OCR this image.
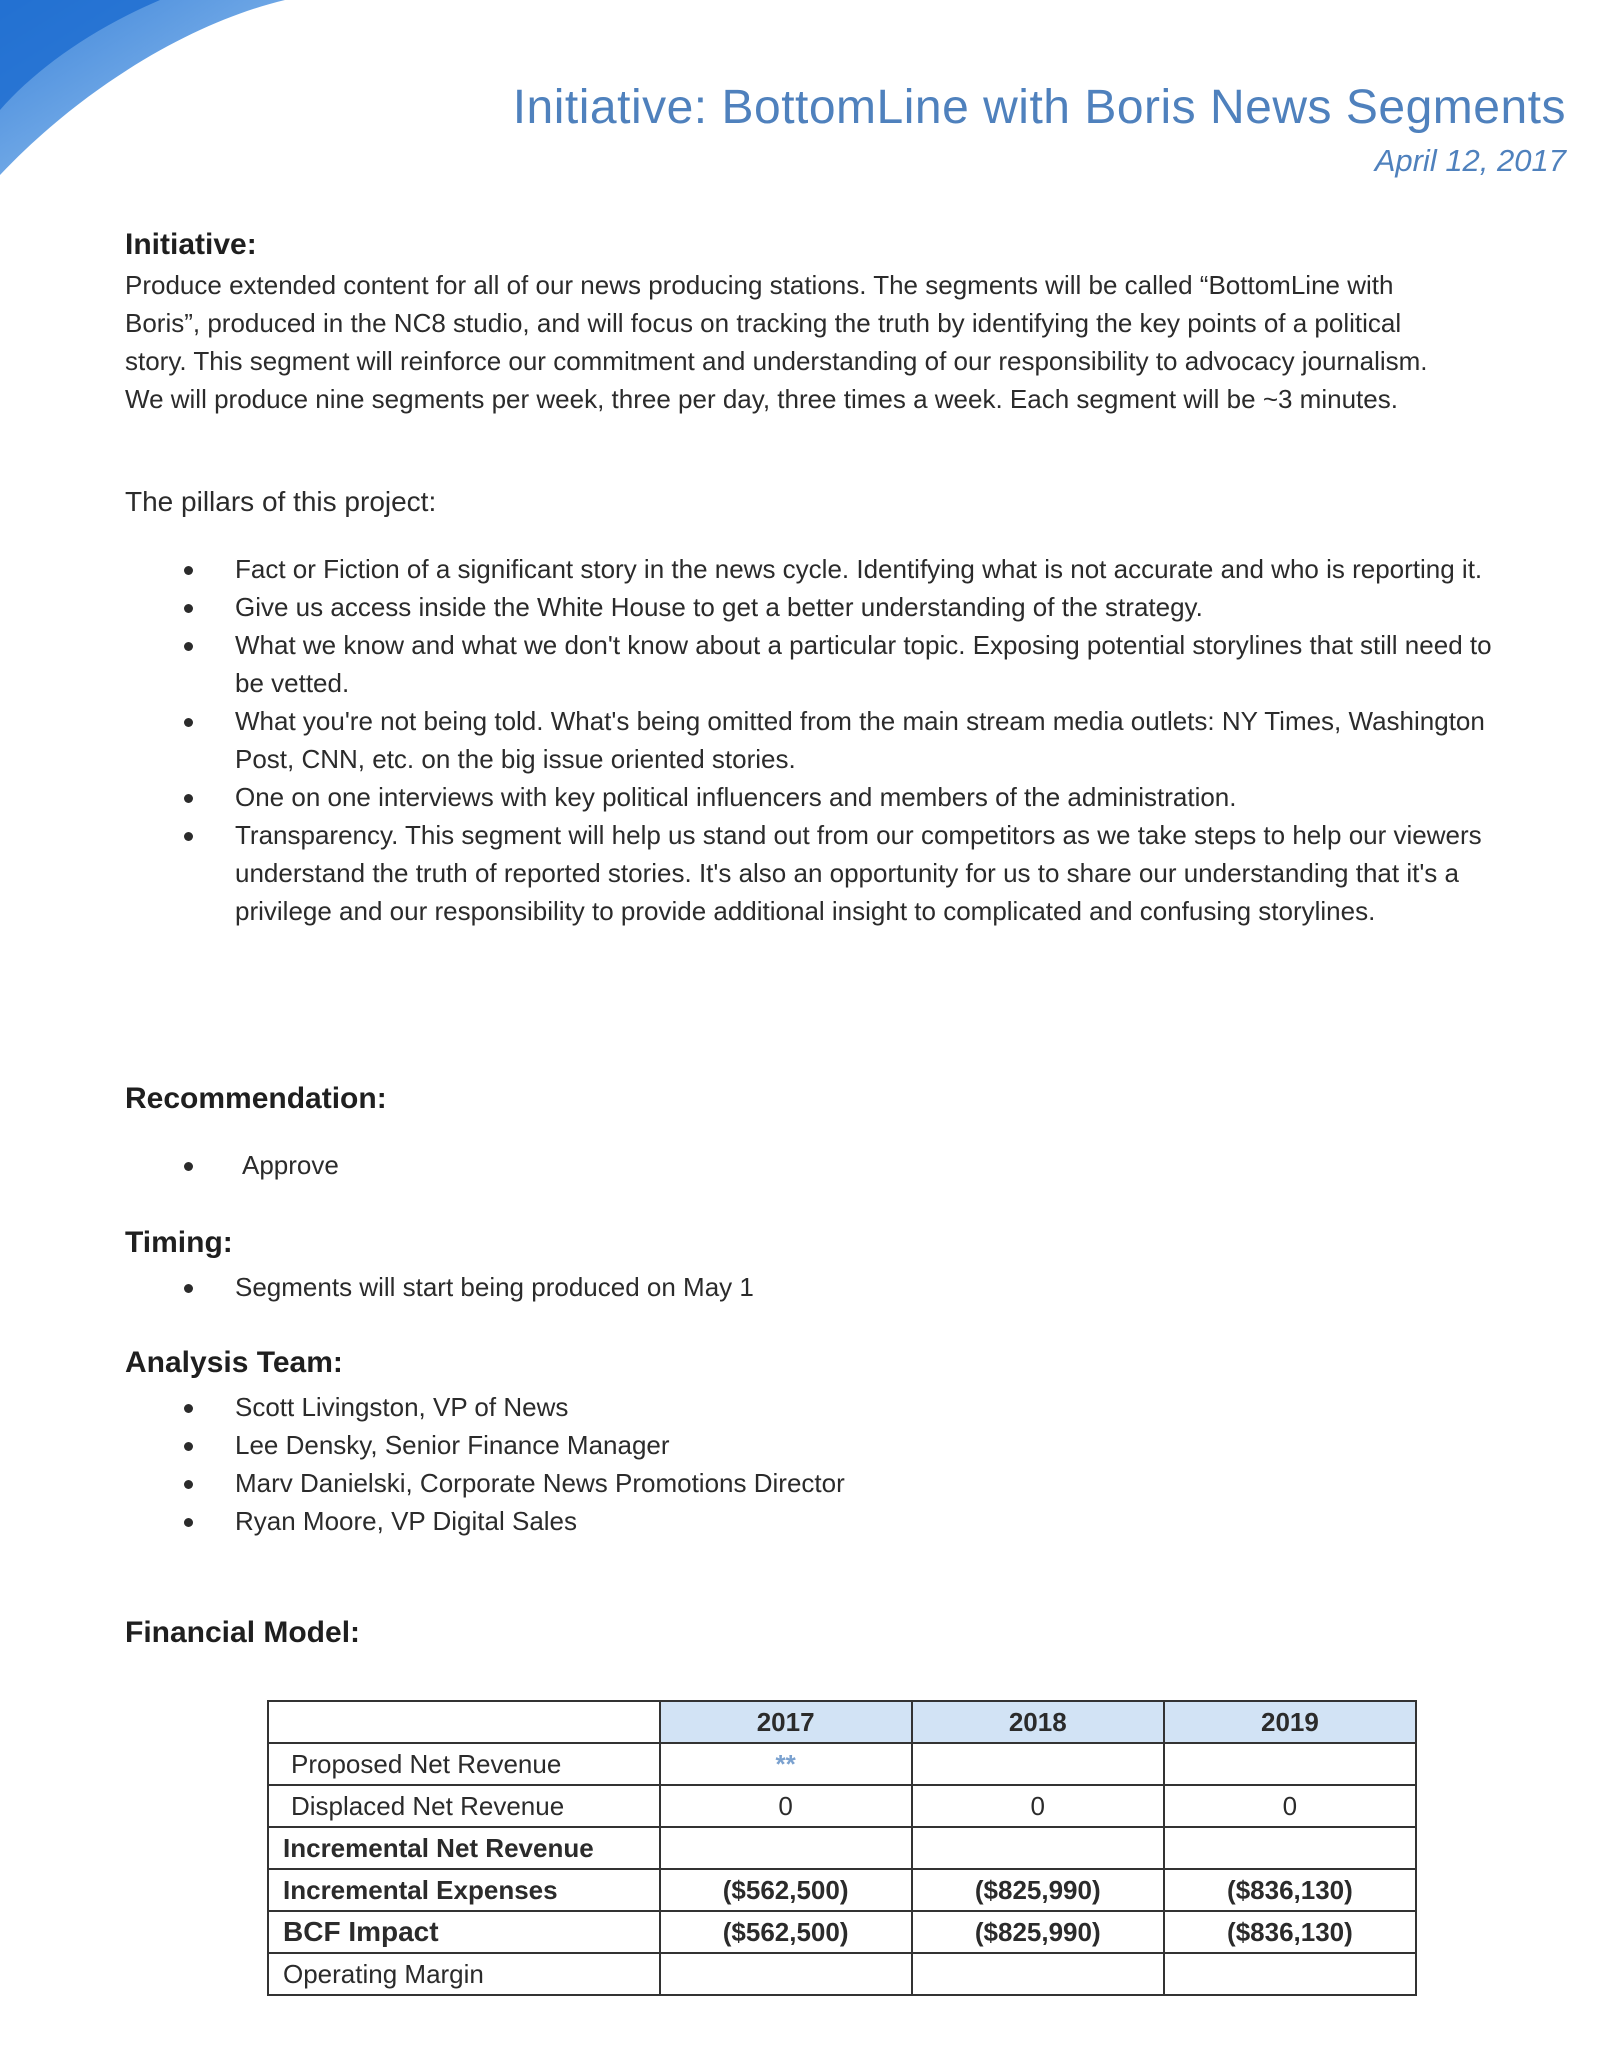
Initiative: BottomLine with Boris News Segments
April 12, 2017
Initiative:
Produce extended content for all of our news producing stations. The segments will be called “BottomLine with
Boris”, produced in the NC8 studio, and will focus on tracking the truth by identifying the key points of a political
story. This segment will reinforce our commitment and understanding of our responsibility to advocacy journalism.
We will produce nine segments per week, three per day, three times a week. Each segment will be ~3 minutes.
The pillars of this project:
Fact or Fiction of a significant story in the news cycle. Identifying what is not accurate and who is reporting it.
Give us access inside the White House to get a better understanding of the strategy.
What we know and what we don't know about a particular topic. Exposing potential storylines that still need to be vetted.
What you're not being told. What's being omitted from the main stream media outlets: NY Times, Washington Post, CNN, etc. on the big issue oriented stories.
One on one interviews with key political influencers and members of the administration.
Transparency. This segment will help us stand out from our competitors as we take steps to help our viewers understand the truth of reported stories. It's also an opportunity for us to share our understanding that it's a privilege and our responsibility to provide additional insight to complicated and confusing storylines.
Recommendation:
Approve
Timing:
Segments will start being produced on May 1
Analysis Team:
Scott Livingston, VP of News
Lee Densky, Senior Finance Manager
Marv Danielski, Corporate News Promotions Director
Ryan Moore, VP Digital Sales
Financial Model:
	2017	2018	2019
Proposed Net Revenue	**		
Displaced Net Revenue	0	0	0
Incremental Net Revenue			
Incremental Expenses	($562,500)	($825,990)	($836,130)
BCF Impact	($562,500)	($825,990)	($836,130)
Operating Margin			
